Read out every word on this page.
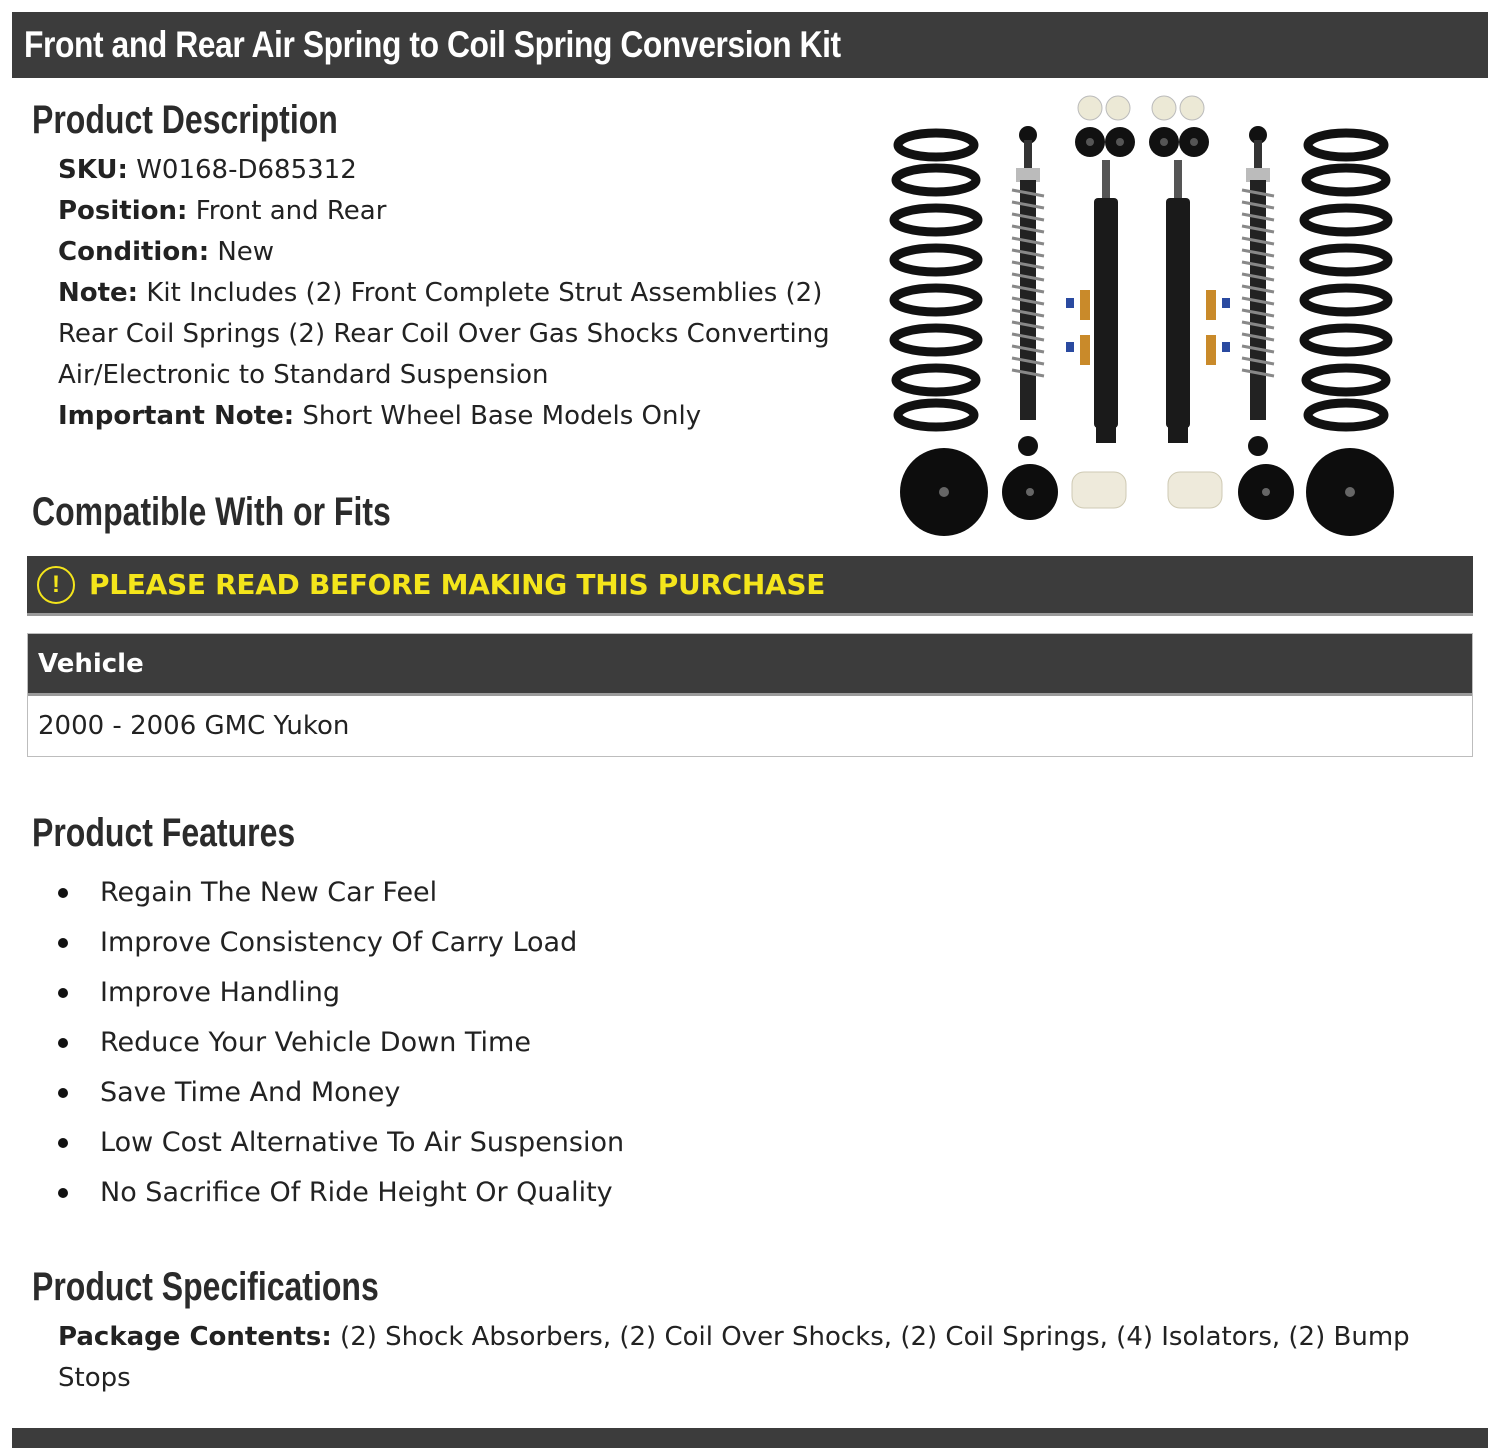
Front and Rear Air Spring to Coil Spring Conversion Kit
Product Description
SKU: W0168-D685312
Position: Front and Rear
Condition: New
Note: Kit Includes (2) Front Complete Strut Assemblies (2) Rear Coil Springs (2) Rear Coil Over Gas Shocks Converting Air/Electronic to Standard Suspension
Important Note: Short Wheel Base Models Only
Compatible With or Fits
!	PLEASE READ BEFORE MAKING THIS PURCHASE
Vehicle
2000 - 2006 GMC Yukon
Product Features
Regain The New Car Feel
Improve Consistency Of Carry Load
Improve Handling
Reduce Your Vehicle Down Time
Save Time And Money
Low Cost Alternative To Air Suspension
No Sacrifice Of Ride Height Or Quality
Product Specifications
Package Contents: (2) Shock Absorbers, (2) Coil Over Shocks, (2) Coil Springs, (4) Isolators, (2) Bump Stops
